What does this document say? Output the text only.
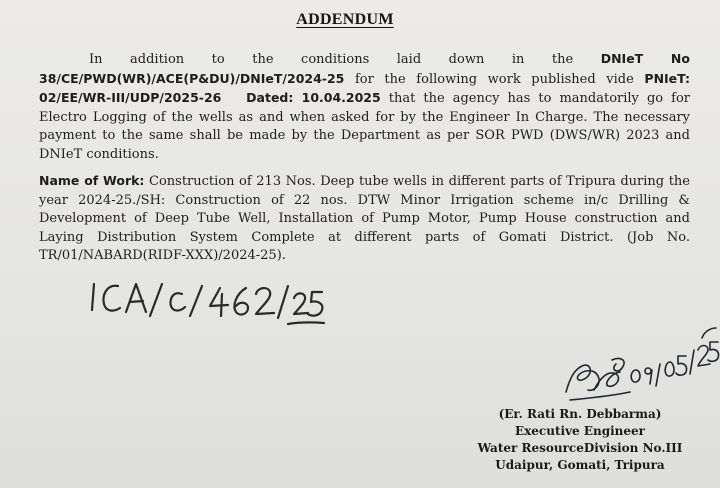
ADDENDUM
In addition to the conditions laid down in the DNIeT No 38/CE/PWD(WR)/ACE(P&DU)/DNIeT/2024-25 for the following work published vide PNIeT: 02/EE/WR-III/UDP/2025-26   Dated: 10.04.2025 that the agency has to mandatorily go for Electro Logging of the wells as and when asked for by the Engineer In Charge. The necessary payment to the same shall be made by the Department as per SOR PWD (DWS/WR) 2023 and DNIeT conditions.
Name of Work: Construction of 213 Nos. Deep tube wells in different parts of Tripura during the year 2024-25./SH: Construction of 22 nos. DTW Minor Irrigation scheme in/c Drilling & Development of Deep Tube Well, Installation of Pump Motor, Pump House construction and Laying Distribution System Complete at different parts of Gomati District. (Job No. TR/01/NABARD(RIDF-XXX)/2024-25).
(Er. Rati Rn. Debbarma)
Executive Engineer
Water ResourceDivision No.III
Udaipur, Gomati, Tripura
